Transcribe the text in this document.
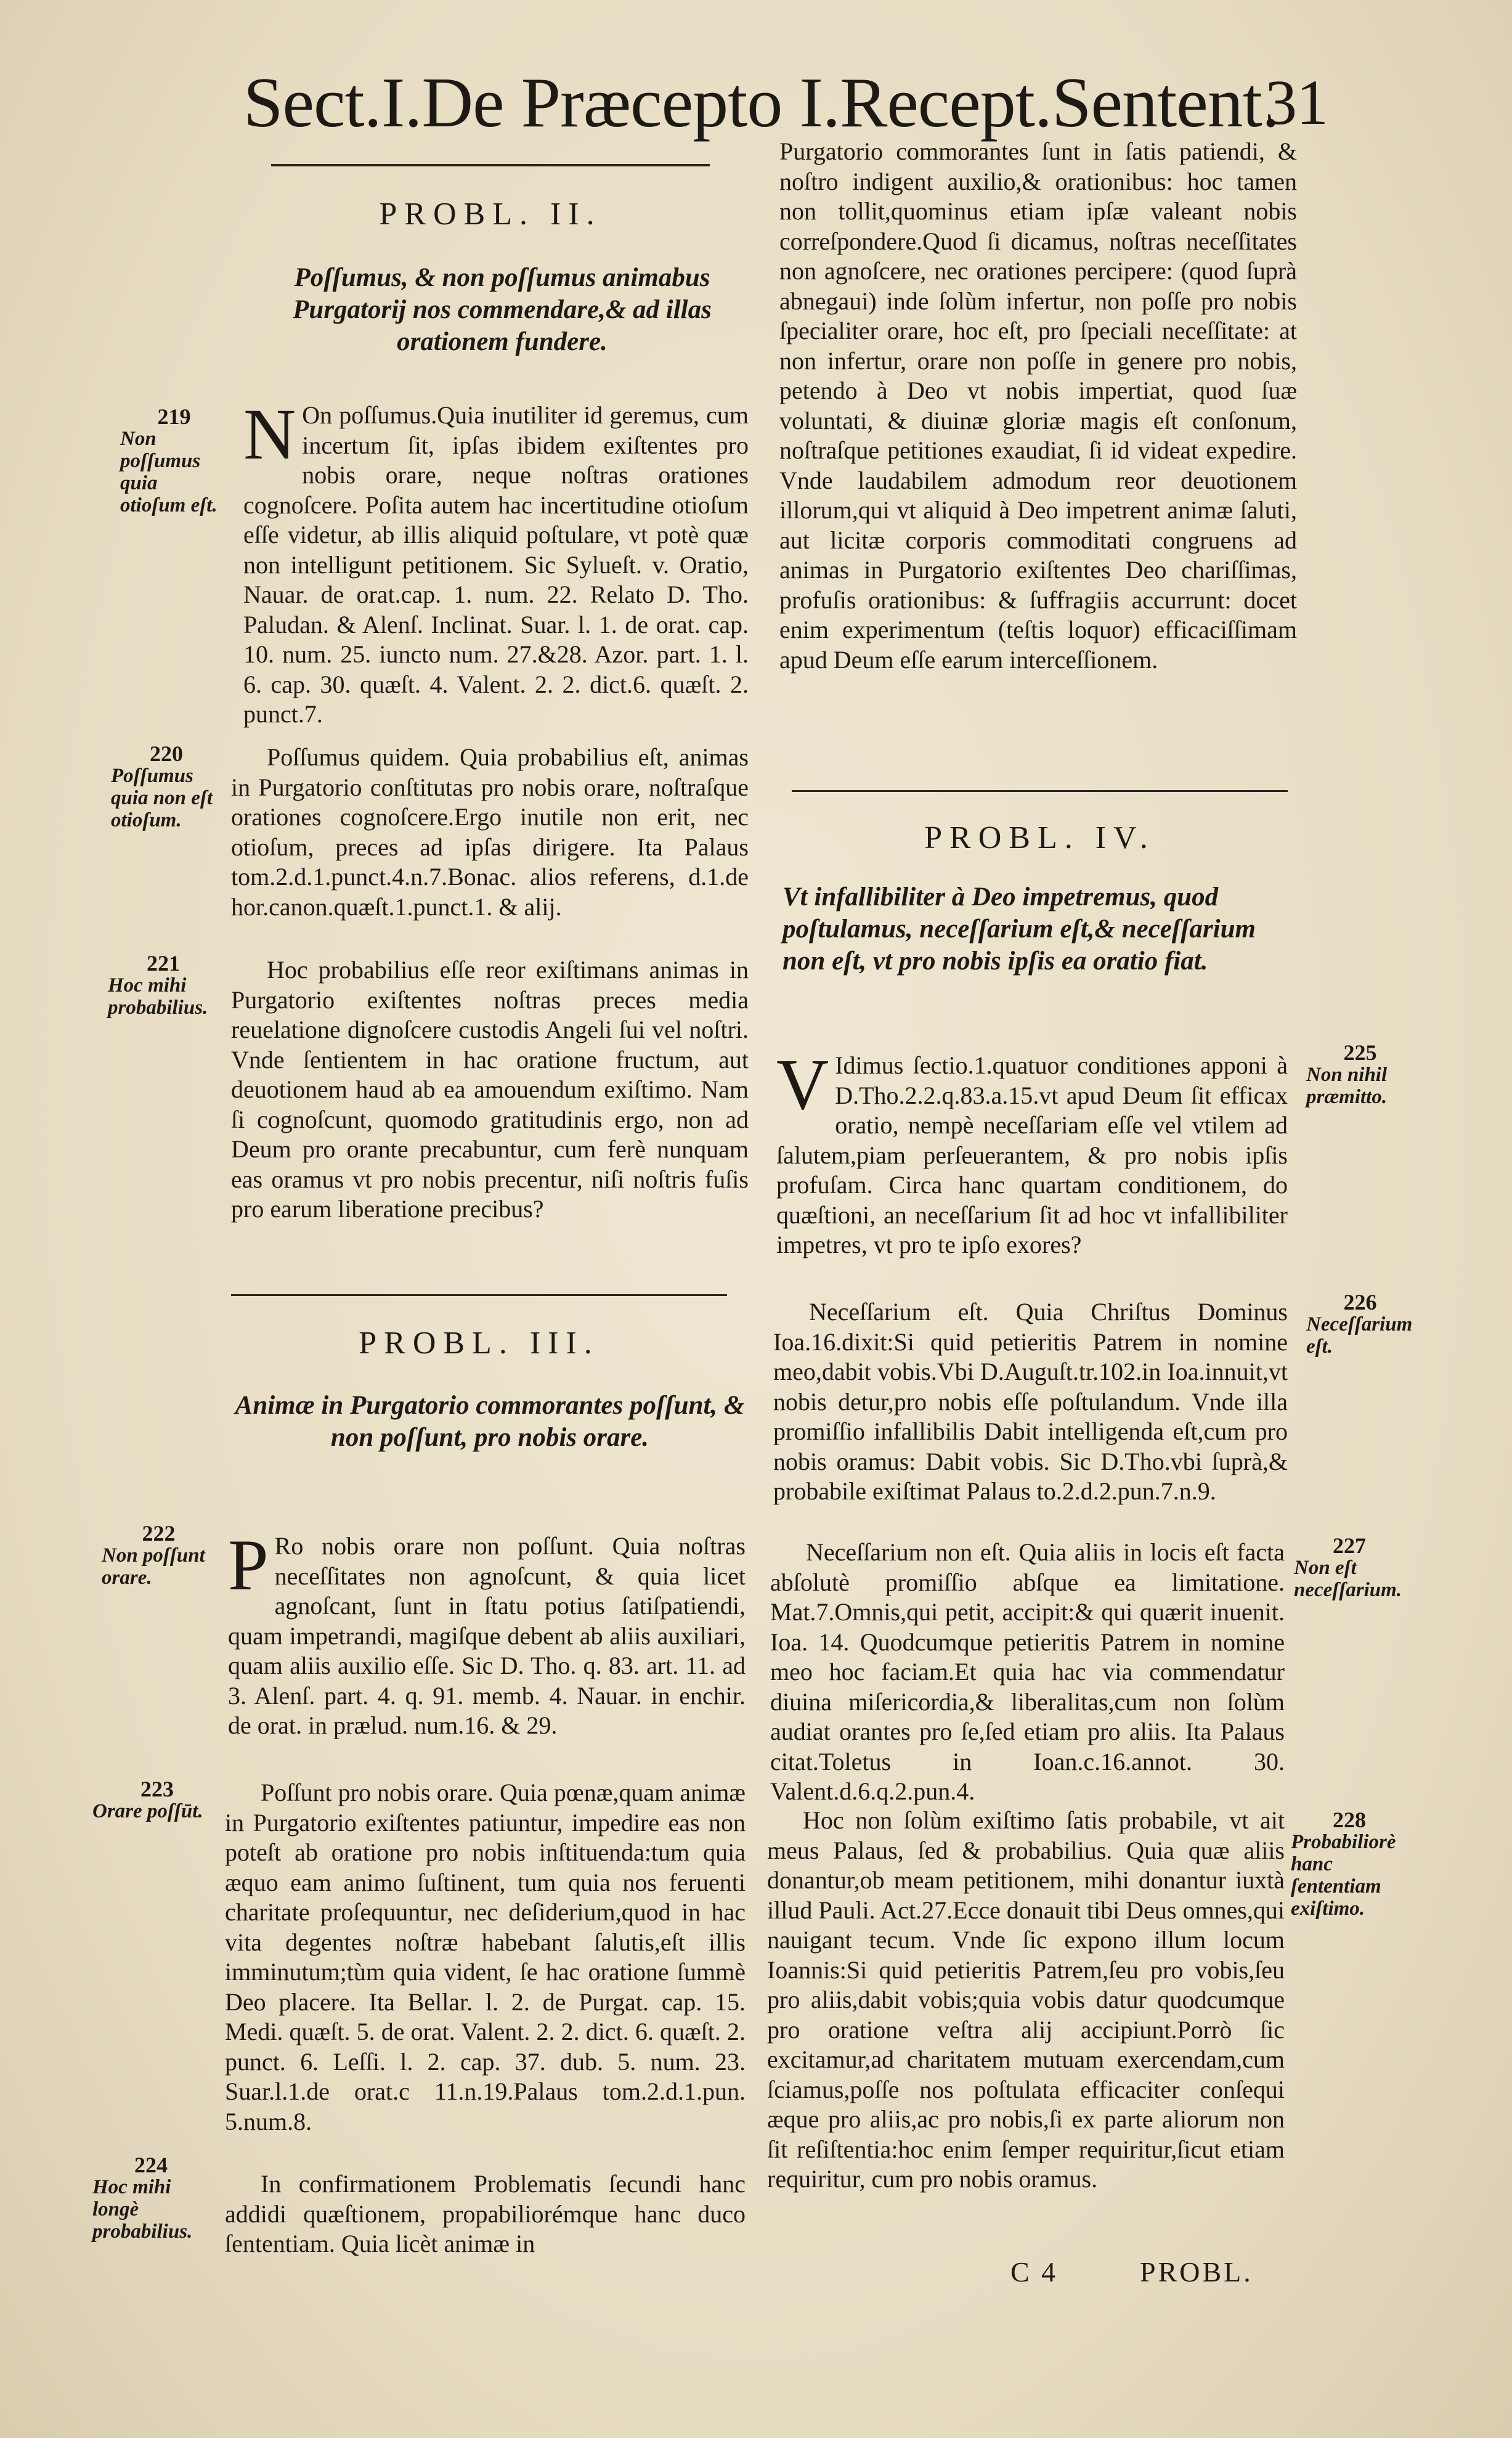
Sect.I.De Præcepto I.Recept.Sentent.
31
PROBL. II.
Poſſumus, & non poſſumus animabus Purgatorij nos commendare,& ad illas orationem fundere.

N On poſſumus.Quia inutiliter id geremus, cum incertum ſit, ipſas ibidem exiſtentes pro nobis orare, neque noſtras orationes cognoſcere. Poſita autem hac incertitudine otioſum eſſe videtur, ab illis aliquid poſtulare, vt potè quæ non intelligunt petitionem. Sic Sylueſt. v. Oratio, Nauar. de orat.cap. 1. num. 22. Relato D. Tho. Paludan. & Alenſ. Inclinat. Suar. l. 1. de orat. cap. 10. num. 25. iuncto num. 27.&28. Azor. part. 1. l. 6. cap. 30. quæſt. 4. Valent. 2. 2. dict.6. quæſt. 2. punct.7.

Poſſumus quidem. Quia probabilius eſt, animas in Purgatorio conſtitutas pro nobis orare, noſtraſque orationes cognoſcere.Ergo inutile non erit, nec otioſum, preces ad ipſas dirigere. Ita Palaus tom.2.d.1.punct.4.n.7.Bonac. alios referens, d.1.de hor.canon.quæſt.1.punct.1. & alij.

Hoc probabilius eſſe reor exiſtimans animas in Purgatorio exiſtentes noſtras preces media reuelatione dignoſcere custodis Angeli ſui vel noſtri. Vnde ſentientem in hac oratione fructum, aut deuotionem haud ab ea amouendum exiſtimo. Nam ſi cognoſcunt, quomodo gratitudinis ergo, non ad Deum pro orante precabuntur, cum ferè nunquam eas oramus vt pro nobis precentur, niſi noſtris fuſis pro earum liberatione precibus?

PROBL. III.
Animæ in Purgatorio commorantes poſſunt, & non poſſunt, pro nobis orare.

P Ro nobis orare non poſſunt. Quia noſtras neceſſitates non agnoſcunt, & quia licet agnoſcant, ſunt in ſtatu potius ſatiſpatiendi, quam impetrandi, magiſque debent ab aliis auxiliari, quam aliis auxilio eſſe. Sic D. Tho. q. 83. art. 11. ad 3. Alenſ. part. 4. q. 91. memb. 4. Nauar. in enchir. de orat. in prælud. num.16. & 29.

Poſſunt pro nobis orare. Quia pœnæ,quam animæ in Purgatorio exiſtentes patiuntur, impedire eas non poteſt ab oratione pro nobis inſtituenda:tum quia æquo eam animo ſuſtinent, tum quia nos feruenti charitate proſequuntur, nec deſiderium,quod in hac vita degentes noſtræ habebant ſalutis,eſt illis imminutum;tùm quia vident, ſe hac oratione ſummè Deo placere. Ita Bellar. l. 2. de Purgat. cap. 15. Medi. quæſt. 5. de orat. Valent. 2. 2. dict. 6. quæſt. 2. punct. 6. Leſſi. l. 2. cap. 37. dub. 5. num. 23. Suar.l.1.de orat.c 11.n.19.Palaus tom.2.d.1.pun. 5.num.8.

In confirmationem Problematis ſecundi hanc addidi quæſtionem, propabiliorémque hanc duco ſententiam. Quia licèt animæ in

219
Non poſſumus quia otioſum eſt.
220
Poſſumus quia non eſt otioſum.
221
Hoc mihi probabilius.
222
Non poſſunt orare.
223
Orare poſſūt.
224
Hoc mihi longè probabilius.

Purgatorio commorantes ſunt in ſatis patiendi, & noſtro indigent auxilio,& orationibus: hoc tamen non tollit,quominus etiam ipſæ valeant nobis correſpondere.Quod ſi dicamus, noſtras neceſſitates non agnoſcere, nec orationes percipere: (quod ſuprà abnegaui) inde ſolùm infertur, non poſſe pro nobis ſpecialiter orare, hoc eſt, pro ſpeciali neceſſitate: at non infertur, orare non poſſe in genere pro nobis, petendo à Deo vt nobis impertiat, quod ſuæ voluntati, & diuinæ gloriæ magis eſt conſonum, noſtraſque petitiones exaudiat, ſi id videat expedire. Vnde laudabilem admodum reor deuotionem illorum,qui vt aliquid à Deo impetrent animæ ſaluti, aut licitæ corporis commoditati congruens ad animas in Purgatorio exiſtentes Deo chariſſimas, profuſis orationibus: & ſuffragiis accurrunt: docet enim experimentum (teſtis loquor) efficaciſſimam apud Deum eſſe earum interceſſionem.

PROBL. IV.
Vt infallibiliter à Deo impetremus, quod poſtulamus, neceſſarium eſt,& neceſſarium non eſt, vt pro nobis ipſis ea oratio fiat.

V Idimus ſectio.1.quatuor conditiones apponi à D.Tho.2.2.q.83.a.15.vt apud Deum ſit efficax oratio, nempè neceſſariam eſſe vel vtilem ad ſalutem,piam perſeuerantem, & pro nobis ipſis profuſam. Circa hanc quartam conditionem, do quæſtioni, an neceſſarium ſit ad hoc vt infallibiliter impetres, vt pro te ipſo exores?

Neceſſarium eſt. Quia Chriſtus Dominus Ioa.16.dixit:Si quid petieritis Patrem in nomine meo,dabit vobis.Vbi D.Auguſt.tr.102.in Ioa.innuit,vt nobis detur,pro nobis eſſe poſtulandum. Vnde illa promiſſio infallibilis Dabit intelligenda eſt,cum pro nobis oramus: Dabit vobis. Sic D.Tho.vbi ſuprà,& probabile exiſtimat Palaus to.2.d.2.pun.7.n.9.

Neceſſarium non eſt. Quia aliis in locis eſt facta abſolutè promiſſio abſque ea limitatione. Mat.7.Omnis,qui petit, accipit:& qui quærit inuenit. Ioa. 14. Quodcumque petieritis Patrem in nomine meo hoc faciam.Et quia hac via commendatur diuina miſericordia,& liberalitas,cum non ſolùm audiat orantes pro ſe,ſed etiam pro aliis. Ita Palaus citat.Toletus in Ioan.c.16.annot. 30. Valent.d.6.q.2.pun.4.

Hoc non ſolùm exiſtimo ſatis probabile, vt ait meus Palaus, ſed & probabilius. Quia quæ aliis donantur,ob meam petitionem, mihi donantur iuxtà illud Pauli. Act.27.Ecce donauit tibi Deus omnes,qui nauigant tecum. Vnde ſic expono illum locum Ioannis:Si quid petieritis Patrem,ſeu pro vobis,ſeu pro aliis,dabit vobis;quia vobis datur quodcumque pro oratione veſtra alij accipiunt.Porrò ſic excitamur,ad charitatem mutuam exercendam,cum ſciamus,poſſe nos poſtulata efficaciter conſequi æque pro aliis,ac pro nobis,ſi ex parte aliorum non ſit reſiſtentia:hoc enim ſemper requiritur,ſicut etiam requiritur, cum pro nobis oramus.

225
Non nihil præmitto.
226
Neceſſarium eſt.
227
Non eſt neceſſarium.
228
Probabiliorè hanc ſententiam exiſtimo.
C 4	PROBL.
